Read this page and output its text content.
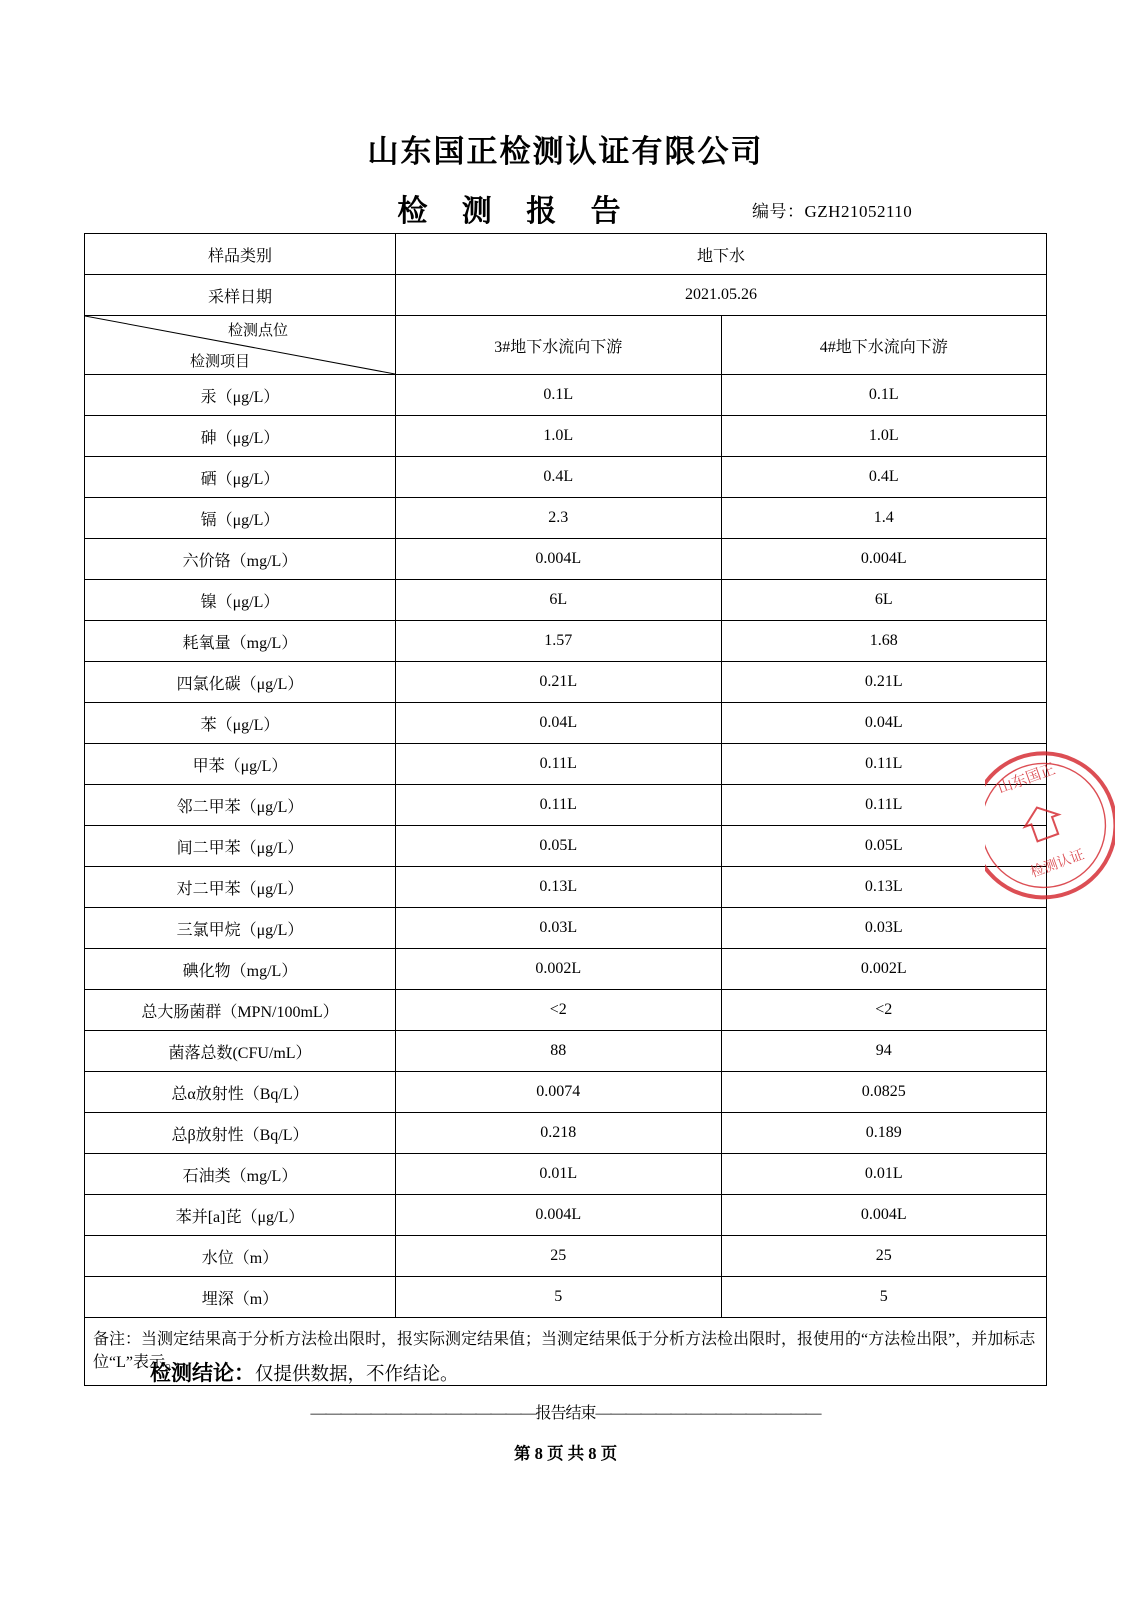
山东国正检测认证有限公司
检 测 报 告	编号：GZH21052110
样品类别	地下水	
采样日期	2021.05.26	

检测点位
检测项目	3#地下水流向下游	4#地下水流向下游
汞（μg/L）	0.1L	0.1L
砷（μg/L）	1.0L	1.0L
硒（μg/L）	0.4L	0.4L
镉（μg/L）	2.3	1.4
六价铬（mg/L）	0.004L	0.004L
镍（μg/L）	6L	6L
耗氧量（mg/L）	1.57	1.68
四氯化碳（μg/L）	0.21L	0.21L
苯（μg/L）	0.04L	0.04L
甲苯（μg/L）	0.11L	0.11L
邻二甲苯（μg/L）	0.11L	0.11L
间二甲苯（μg/L）	0.05L	0.05L
对二甲苯（μg/L）	0.13L	0.13L
三氯甲烷（μg/L）	0.03L	0.03L
碘化物（mg/L）	0.002L	0.002L
总大肠菌群（MPN/100mL）	<2	<2
菌落总数(CFU/mL）	88	94
总α放射性（Bq/L）	0.0074	0.0825
总β放射性（Bq/L）	0.218	0.189
石油类（mg/L）	0.01L	0.01L
苯并[a]芘（μg/L）	0.004L	0.004L
水位（m）	25	25
埋深（m）	5	5
备注：当测定结果高于分析方法检出限时，报实际测定结果值；当测定结果低于分析方法检出限时，报使用的“方法检出限”，并加标志位“L”表示。		
检测结论：仅提供数据，不作结论。
———————————————报告结束———————————————
第 8 页 共 8 页
山东国正
检测认证
